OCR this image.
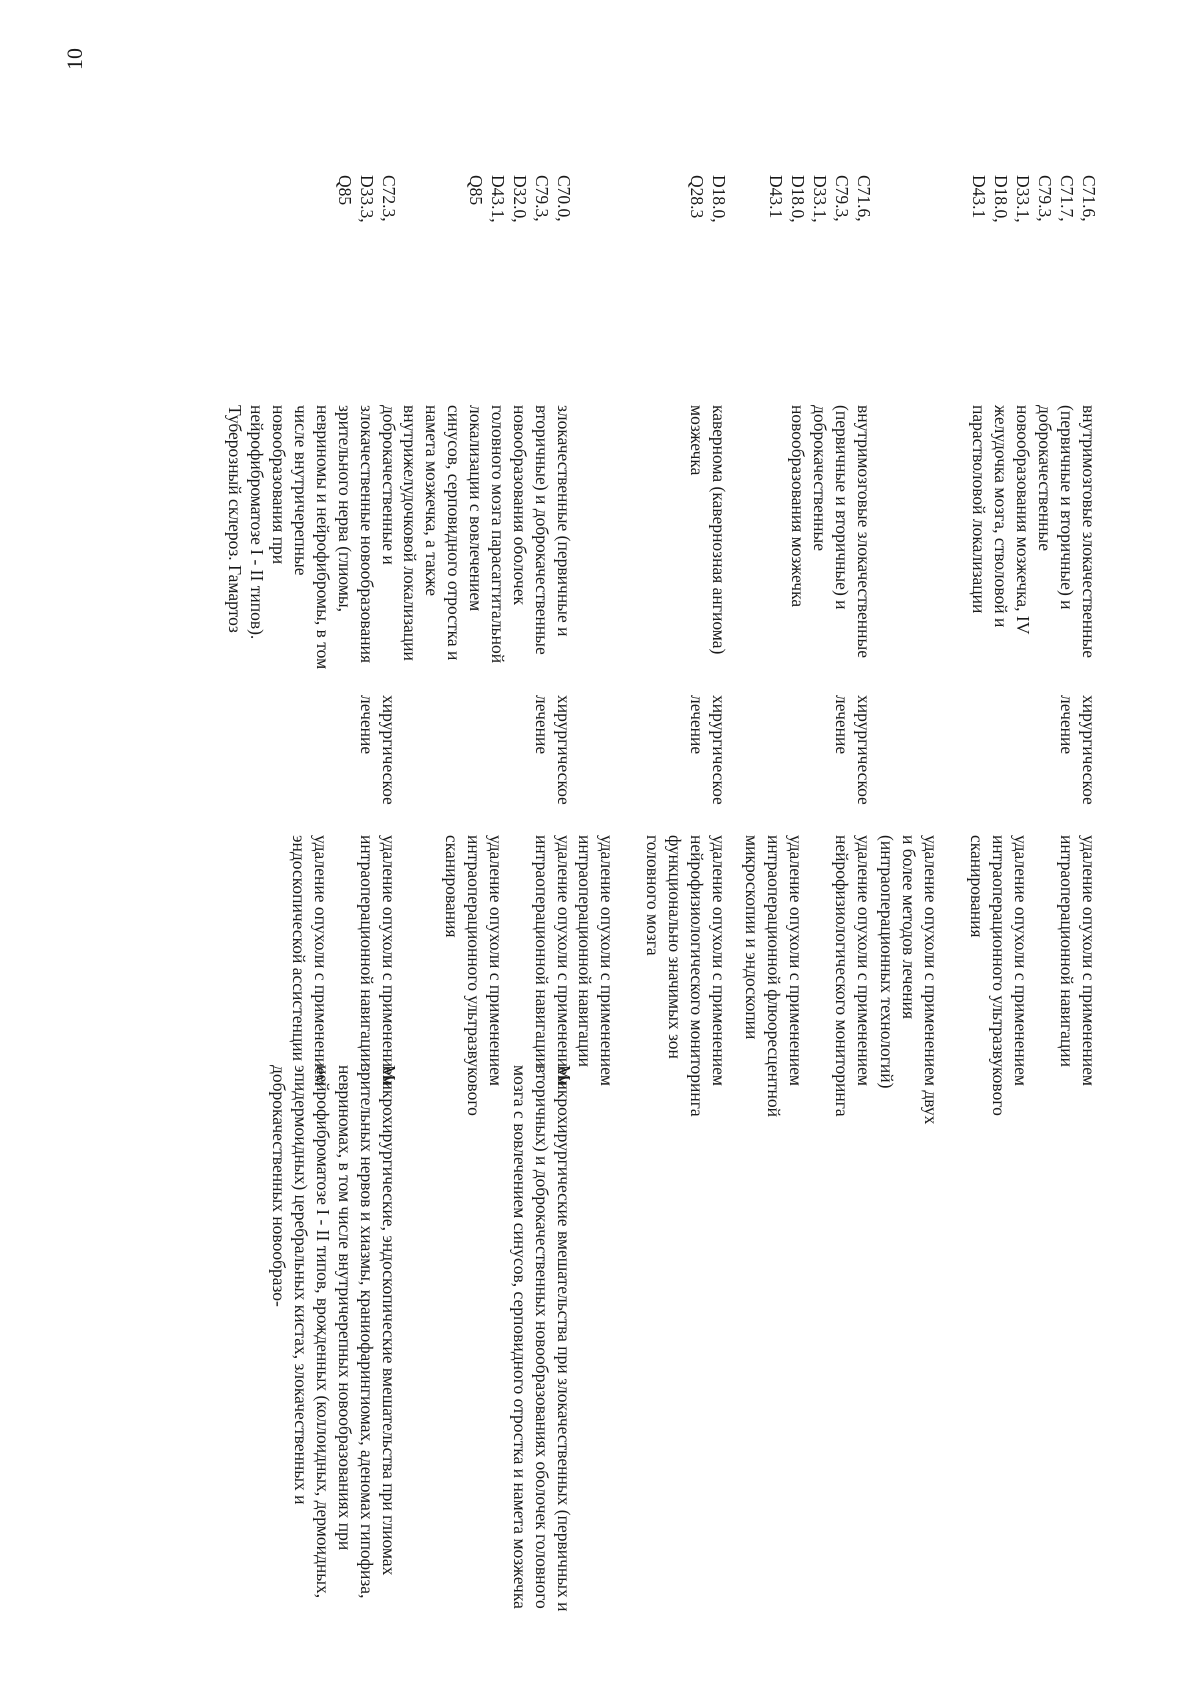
10
C71.6, C71.7, C79.3, D33.1, D18.0, D43.1
внутримозговые злокачественные (первичные и вторичные) и доброкачественные новообразования мозжечка, IV желудочка мозга, стволовой и парастволовой локализации
хирургическое лечение
удаление опухоли с применением интраоперационной навигации
удаление опухоли с применением интраоперационного ультразвукового сканирования
удаление опухоли с применением двух и более методов лечения (интраоперационных технологий)
C71.6, C79.3, D33.1, D18.0, D43.1
внутримозговые злокачественные (первичные и вторичные) и доброкачественные новообразования мозжечка
хирургическое лечение
удаление опухоли с применением нейрофизиологического мониторинга
удаление опухоли с применением интраоперационной флюоресцентной микроскопии и эндоскопии
D18.0, Q28.3
кавернома (кавернозная ангиома) мозжечка
хирургическое лечение
удаление опухоли с применением нейрофизиологического мониторинга функционально значимых зон головного мозга
удаление опухоли с применением интраоперационной навигации
C70.0, C79.3, D32.0, D43.1, Q85
злокачественные (первичные и вторичные) и доброкачественные новообразования оболочек головного мозга парасаггитальной локализации с вовлечением синусов, серповидного отростка и намета мозжечка, а также внутрижелудочковой локализации
хирургическое лечение
удаление опухоли с применением интраоперационной навигации
удаление опухоли с применением интраоперационного ультразвукового сканирования
C72.3, D33.3, Q85
доброкачественные и злокачественные новообразования зрительного нерва (глиомы, невриномы и нейрофибромы, в том числе внутричерепные новообразования при нейрофиброматозе I - II типов). Туберозный склероз. Гамартоз
хирургическое лечение
удаление опухоли с применением интраоперационной навигации
удаление опухоли с применением эндоскопической ассистенции
Микрохирургические вмешательства при злокачественных (первичных и вторичных) и доброкачественных новообразованиях оболочек головного мозга с вовлечением синусов, серповидного отростка и намета мозжечка
Микрохирургические, эндоскопические вмешательства при глиомах зрительных нервов и хиазмы, краниофарингиомах, аденомах гипофиза, невриномах, в том числе внутричерепных новообразованиях при нейрофиброматозе I - II типов, врожденных (коллоидных, дермоидных, эпидермоидных) церебральных кистах, злокачественных и доброкачественных новообразо-
